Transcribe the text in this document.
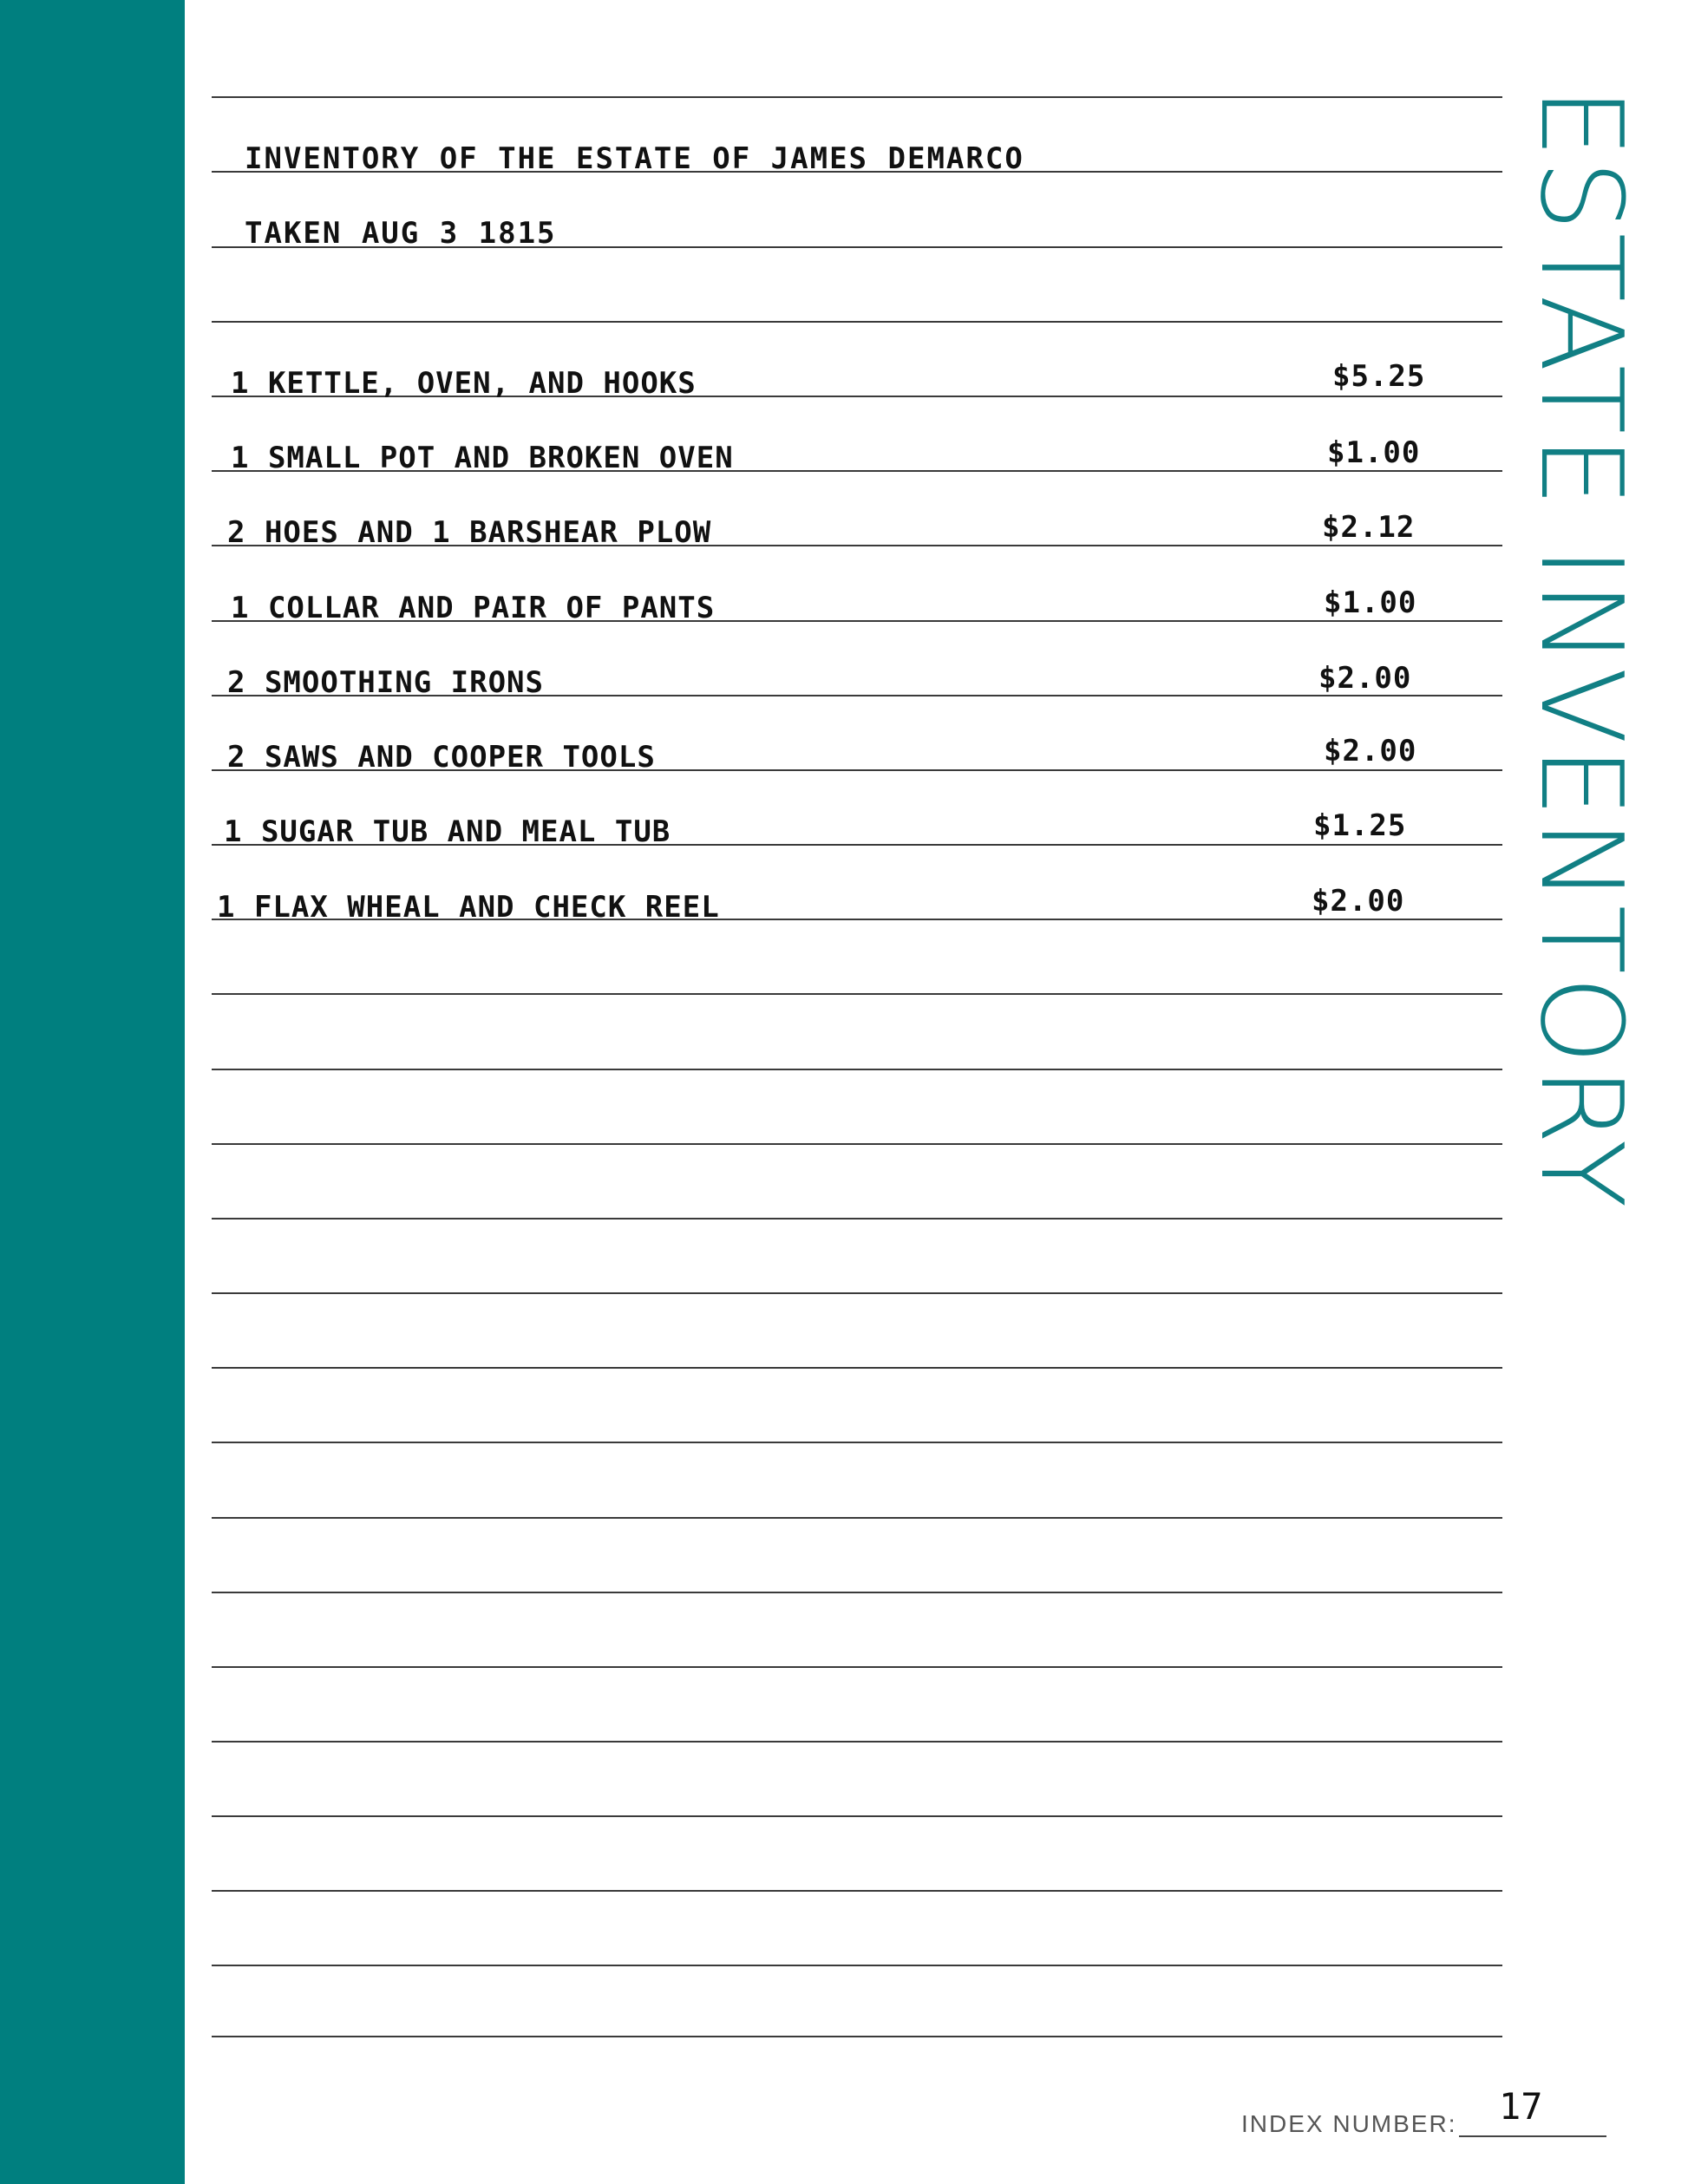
INVENTORY OF THE ESTATE OF JAMES DEMARCO
TAKEN AUG 3 1815
1 KETTLE, OVEN, AND HOOKS	$5.25
1 SMALL POT AND BROKEN OVEN	$1.00
2 HOES AND 1 BARSHEAR PLOW	$2.12
1 COLLAR AND PAIR OF PANTS	$1.00
2 SMOOTHING IRONS	$2.00
2 SAWS AND COOPER TOOLS	$2.00
1 SUGAR TUB AND MEAL TUB	$1.25
1 FLAX WHEAL AND CHECK REEL	$2.00 ESTATE INVENTORY
INDEX NUMBER: 17
